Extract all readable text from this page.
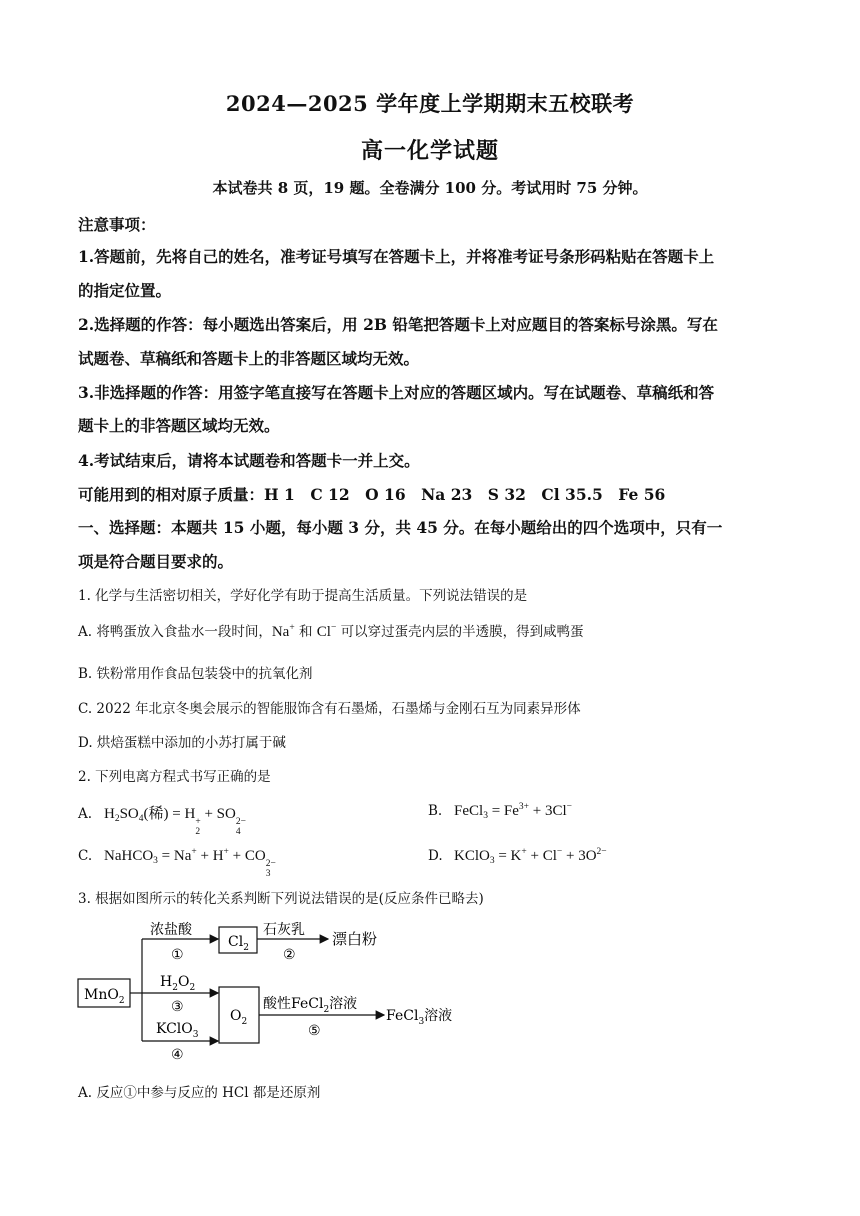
2024—2025 学年度上学期期末五校联考
高一化学试题
本试卷共 8 页，19 题。全卷满分 100 分。考试用时 75 分钟。
注意事项：
1.答题前，先将自己的姓名，准考证号填写在答题卡上，并将准考证号条形码粘贴在答题卡上
的指定位置。
2.选择题的作答：每小题选出答案后，用 2B 铅笔把答题卡上对应题目的答案标号涂黑。写在
试题卷、草稿纸和答题卡上的非答题区域均无效。
3.非选择题的作答：用签字笔直接写在答题卡上对应的答题区域内。写在试题卷、草稿纸和答
题卡上的非答题区域均无效。
4.考试结束后，请将本试题卷和答题卡一并上交。
可能用到的相对原子质量：H 1　C 12　O 16　Na 23　S 32　Cl 35.5　Fe 56
一、选择题：本题共 15 小题，每小题 3 分，共 45 分。在每小题给出的四个选项中，只有一
项是符合题目要求的。
1. 化学与生活密切相关，学好化学有助于提高生活质量。下列说法错误的是
A. 将鸭蛋放入食盐水一段时间，Na+ 和 Cl− 可以穿过蛋壳内层的半透膜，得到咸鸭蛋
B. 铁粉常用作食品包装袋中的抗氧化剂
C. 2022 年北京冬奥会展示的智能服饰含有石墨烯，石墨烯与金刚石互为同素异形体
D. 烘焙蛋糕中添加的小苏打属于碱
2. 下列电离方程式书写正确的是
A. $H_2SO_4$(稀) = H +
2
+ SO 2−
4
B. FeCl$_3$ = $Fe^{3+} + 3Cl^-$
C. NaHCO$_3$ = Na+ + H+ + CO 2−
3
D. KClO$_3$ = $K^+ + Cl^- + 3O^{2-}$
3. 根据如图所示的转化关系判断下列说法错误的是(反应条件已略去)
MnO$_2$
浓盐酸
①
$Cl_2$
石灰乳
②
漂白粉
$H_2O_2$
③
KClO$_3$
④
$O_2$
酸性FeCl$_2$溶液
⑤
FeCl$_3$溶液
A. 反应①中参与反应的 HCl 都是还原剂
